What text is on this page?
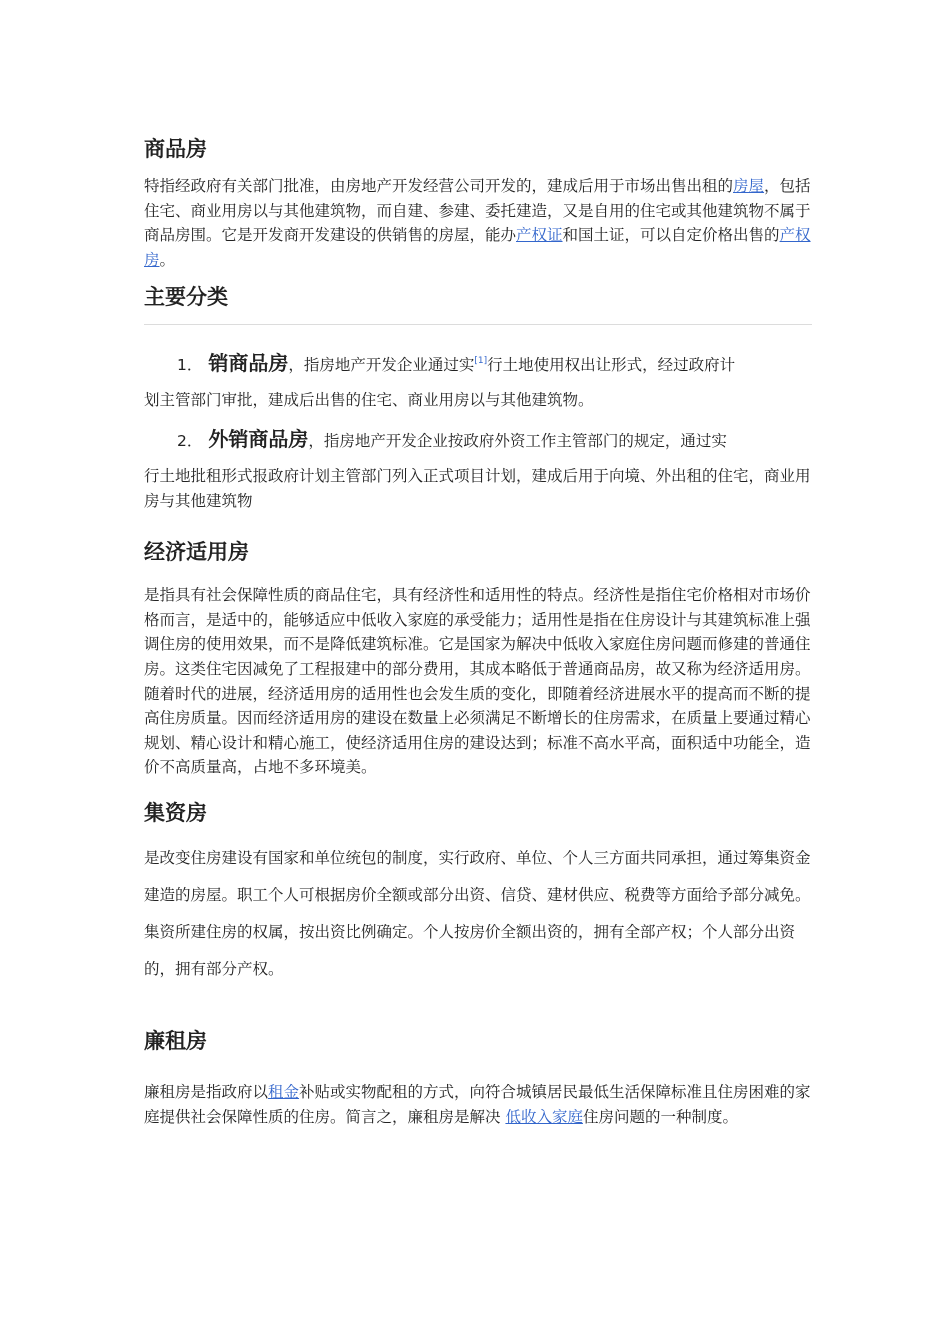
商品房

特指经政府有关部门批准，由房地产开发经营公司开发的，建成后用于市场出售出租的房屋，包括住宅、商业用房以与其他建筑物，而自建、参建、委托建造，又是自用的住宅或其他建筑物不属于商品房围。它是开发商开发建设的供销售的房屋，能办产权证和国土证，可以自定价格出售的产权房。

主要分类

1． 销商品房，指房地产开发企业通过实[1]行土地使用权出让形式，经过政府计

划主管部门审批，建成后出售的住宅、商业用房以与其他建筑物。

2． 外销商品房，指房地产开发企业按政府外资工作主管部门的规定，通过实

行土地批租形式报政府计划主管部门列入正式项目计划，建成后用于向境、外出租的住宅，商业用房与其他建筑物

经济适用房

是指具有社会保障性质的商品住宅，具有经济性和适用性的特点。经济性是指住宅价格相对市场价格而言，是适中的，能够适应中低收入家庭的承受能力；适用性是指在住房设计与其建筑标准上强调住房的使用效果，而不是降低建筑标准。它是国家为解决中低收入家庭住房问题而修建的普通住房。这类住宅因减免了工程报建中的部分费用，其成本略低于普通商品房，故又称为经济适用房。随着时代的进展，经济适用房的适用性也会发生质的变化，即随着经济进展水平的提高而不断的提高住房质量。因而经济适用房的建设在数量上必须满足不断增长的住房需求，在质量上要通过精心规划、精心设计和精心施工，使经济适用住房的建设达到；标准不高水平高，面积适中功能全，造价不高质量高，占地不多环境美。

集资房

是改变住房建设有国家和单位统包的制度，实行政府、单位、个人三方面共同承担，通过筹集资金建造的房屋。职工个人可根据房价全额或部分出资、信贷、建材供应、税费等方面给予部分减免。集资所建住房的权属，按出资比例确定。个人按房价全额出资的，拥有全部产权；个人部分出资的，拥有部分产权。

廉租房

廉租房是指政府以租金补贴或实物配租的方式，向符合城镇居民最低生活保障标准且住房困难的家庭提供社会保障性质的住房。简言之，廉租房是解决 低收入家庭住房问题的一种制度。
